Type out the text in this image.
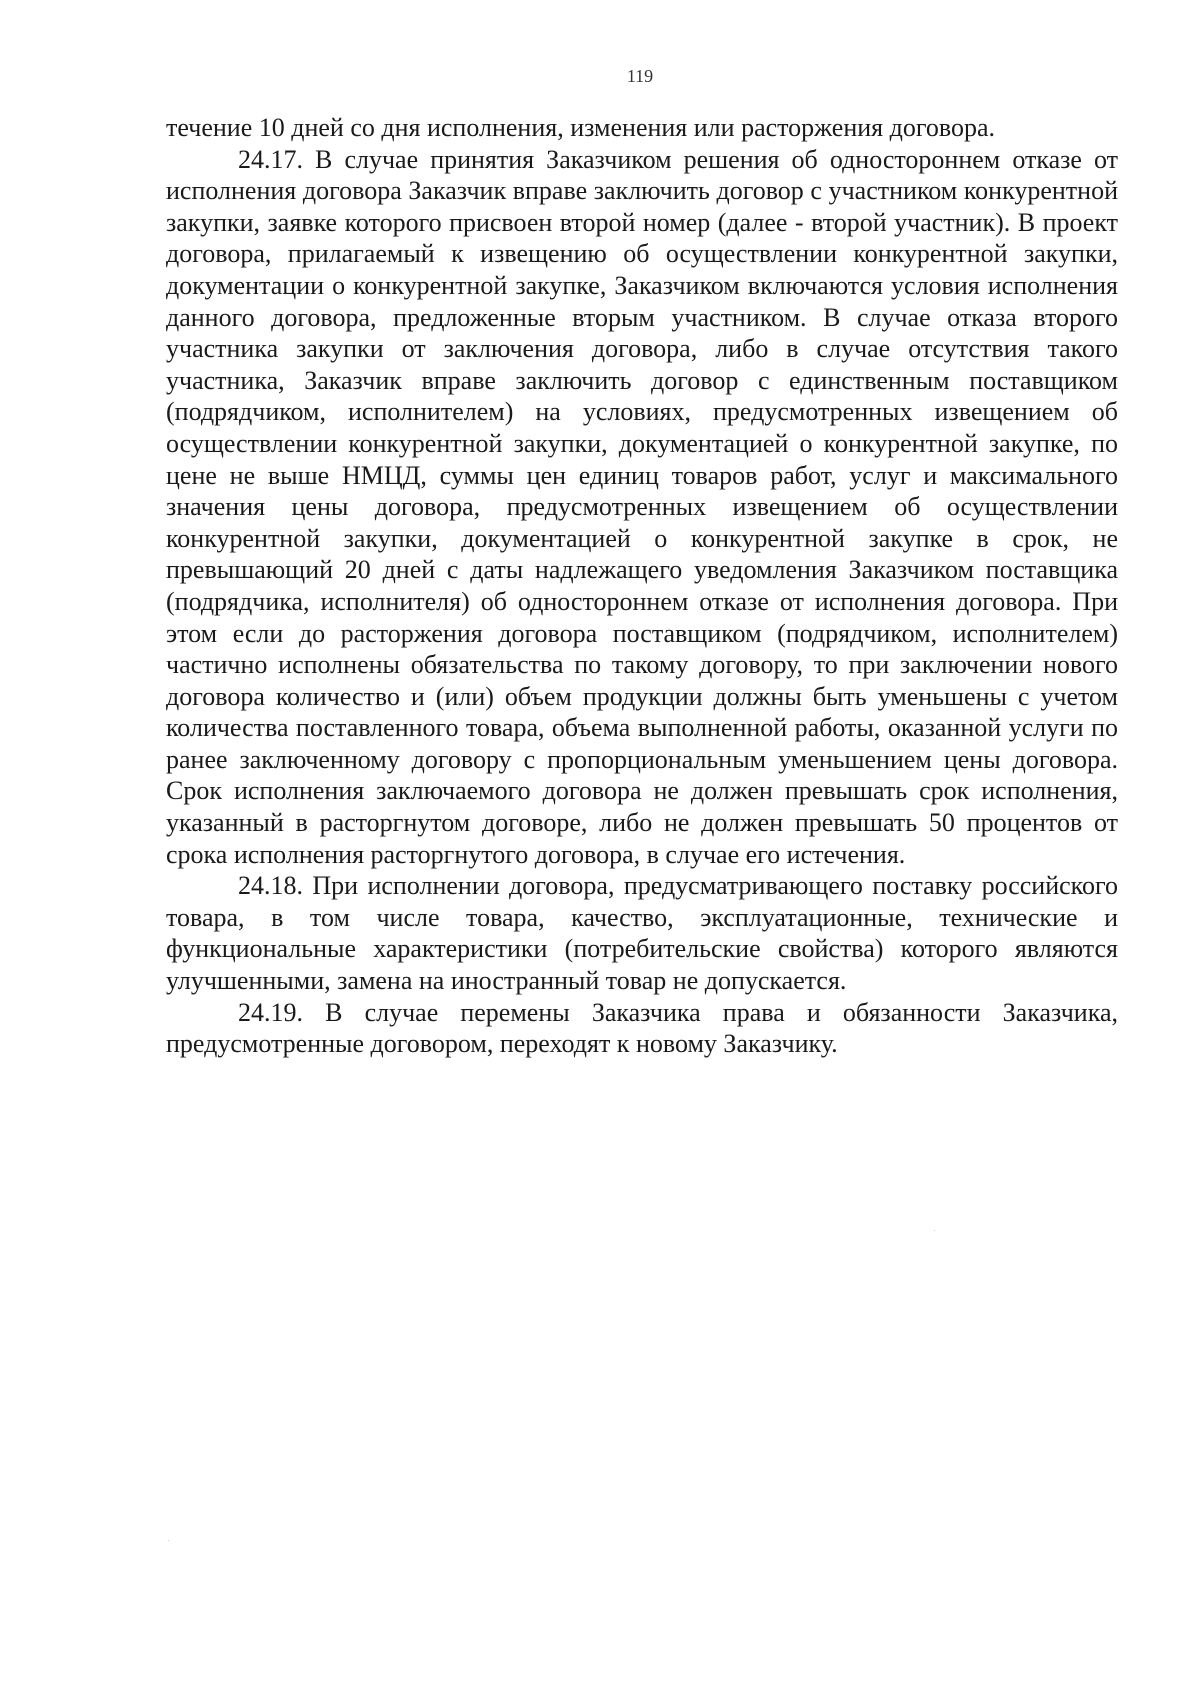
119

течение 10 дней со дня исполнения, изменения или расторжения договора.

24.17. В случае принятия Заказчиком решения об одностороннем отказе от исполнения договора Заказчик вправе заключить договор с участником конкурентной закупки, заявке которого присвоен второй номер (далее - второй участник). В проект договора, прилагаемый к извещению об осуществлении конкурентной закупки, документации о конкурентной закупке, Заказчиком включаются условия исполнения данного договора, предложенные вторым участником. В случае отказа второго участника закупки от заключения договора, либо в случае отсутствия такого участника, Заказчик вправе заключить договор с единственным поставщиком (подрядчиком, исполнителем) на условиях, предусмотренных извещением об осуществлении конкурентной закупки, документацией о конкурентной закупке, по цене не выше НМЦД, суммы цен единиц товаров работ, услуг и максимального значения цены договора, предусмотренных извещением об осуществлении конкурентной закупки, документацией о конкурентной закупке в срок, не превышающий 20 дней с даты надлежащего уведомления Заказчиком поставщика (подрядчика, исполнителя) об одностороннем отказе от исполнения договора. При этом если до расторжения договора поставщиком (подрядчиком, исполнителем) частично исполнены обязательства по такому договору, то при заключении нового договора количество и (или) объем продукции должны быть уменьшены с учетом количества поставленного товара, объема выполненной работы, оказанной услуги по ранее заключенному договору с пропорциональным уменьшением цены договора. Срок исполнения заключаемого договора не должен превышать срок исполнения, указанный в расторгнутом договоре, либо не должен превышать 50 процентов от срока исполнения расторгнутого договора, в случае его истечения.

24.18. При исполнении договора, предусматривающего поставку российского товара, в том числе товара, качество, эксплуатационные, технические и функциональные характеристики (потребительские свойства) которого являются улучшенными, замена на иностранный товар не допускается.

24.19. В случае перемены Заказчика права и обязанности Заказчика, предусмотренные договором, переходят к новому Заказчику.
